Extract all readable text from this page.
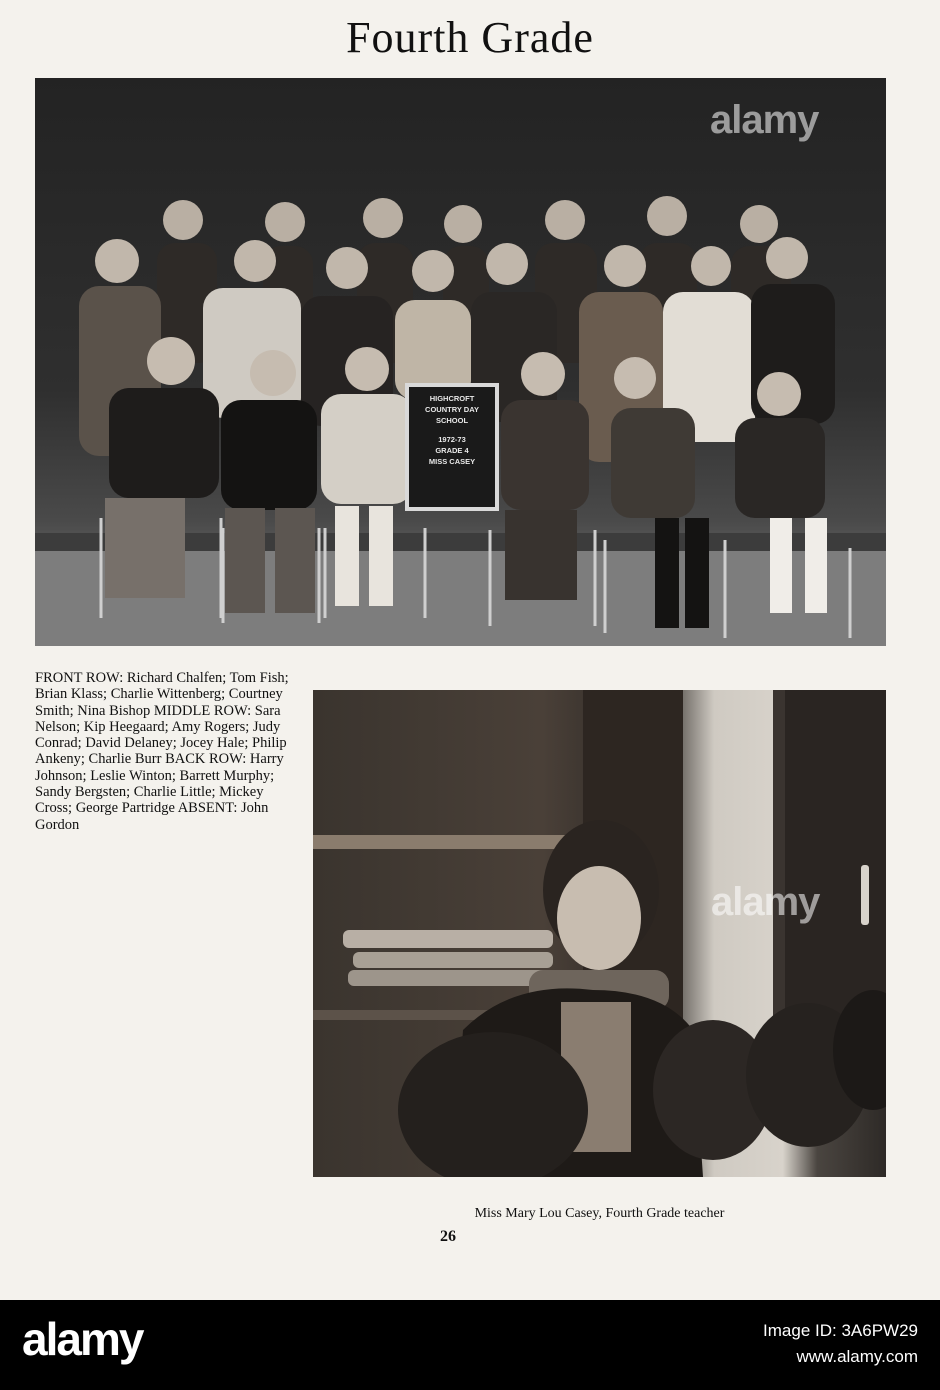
Fourth Grade
HIGHCROFT
COUNTRY DAY
SCHOOL
1972-73
GRADE 4
MISS CASEY
alamy
FRONT ROW: Richard Chalfen; Tom Fish; Brian Klass; Charlie Wittenberg; Courtney Smith; Nina Bishop MIDDLE ROW: Sara Nelson; Kip Heegaard; Amy Rogers; Judy Conrad; David Delaney; Jocey Hale; Philip Ankeny; Charlie Burr BACK ROW: Harry Johnson; Leslie Winton; Barrett Murphy; Sandy Bergsten; Charlie Little; Mickey Cross; George Partridge ABSENT: John Gordon
alamy
Miss Mary Lou Casey, Fourth Grade teacher
26
alamy	Image ID: 3A6PW29
www.alamy.com
